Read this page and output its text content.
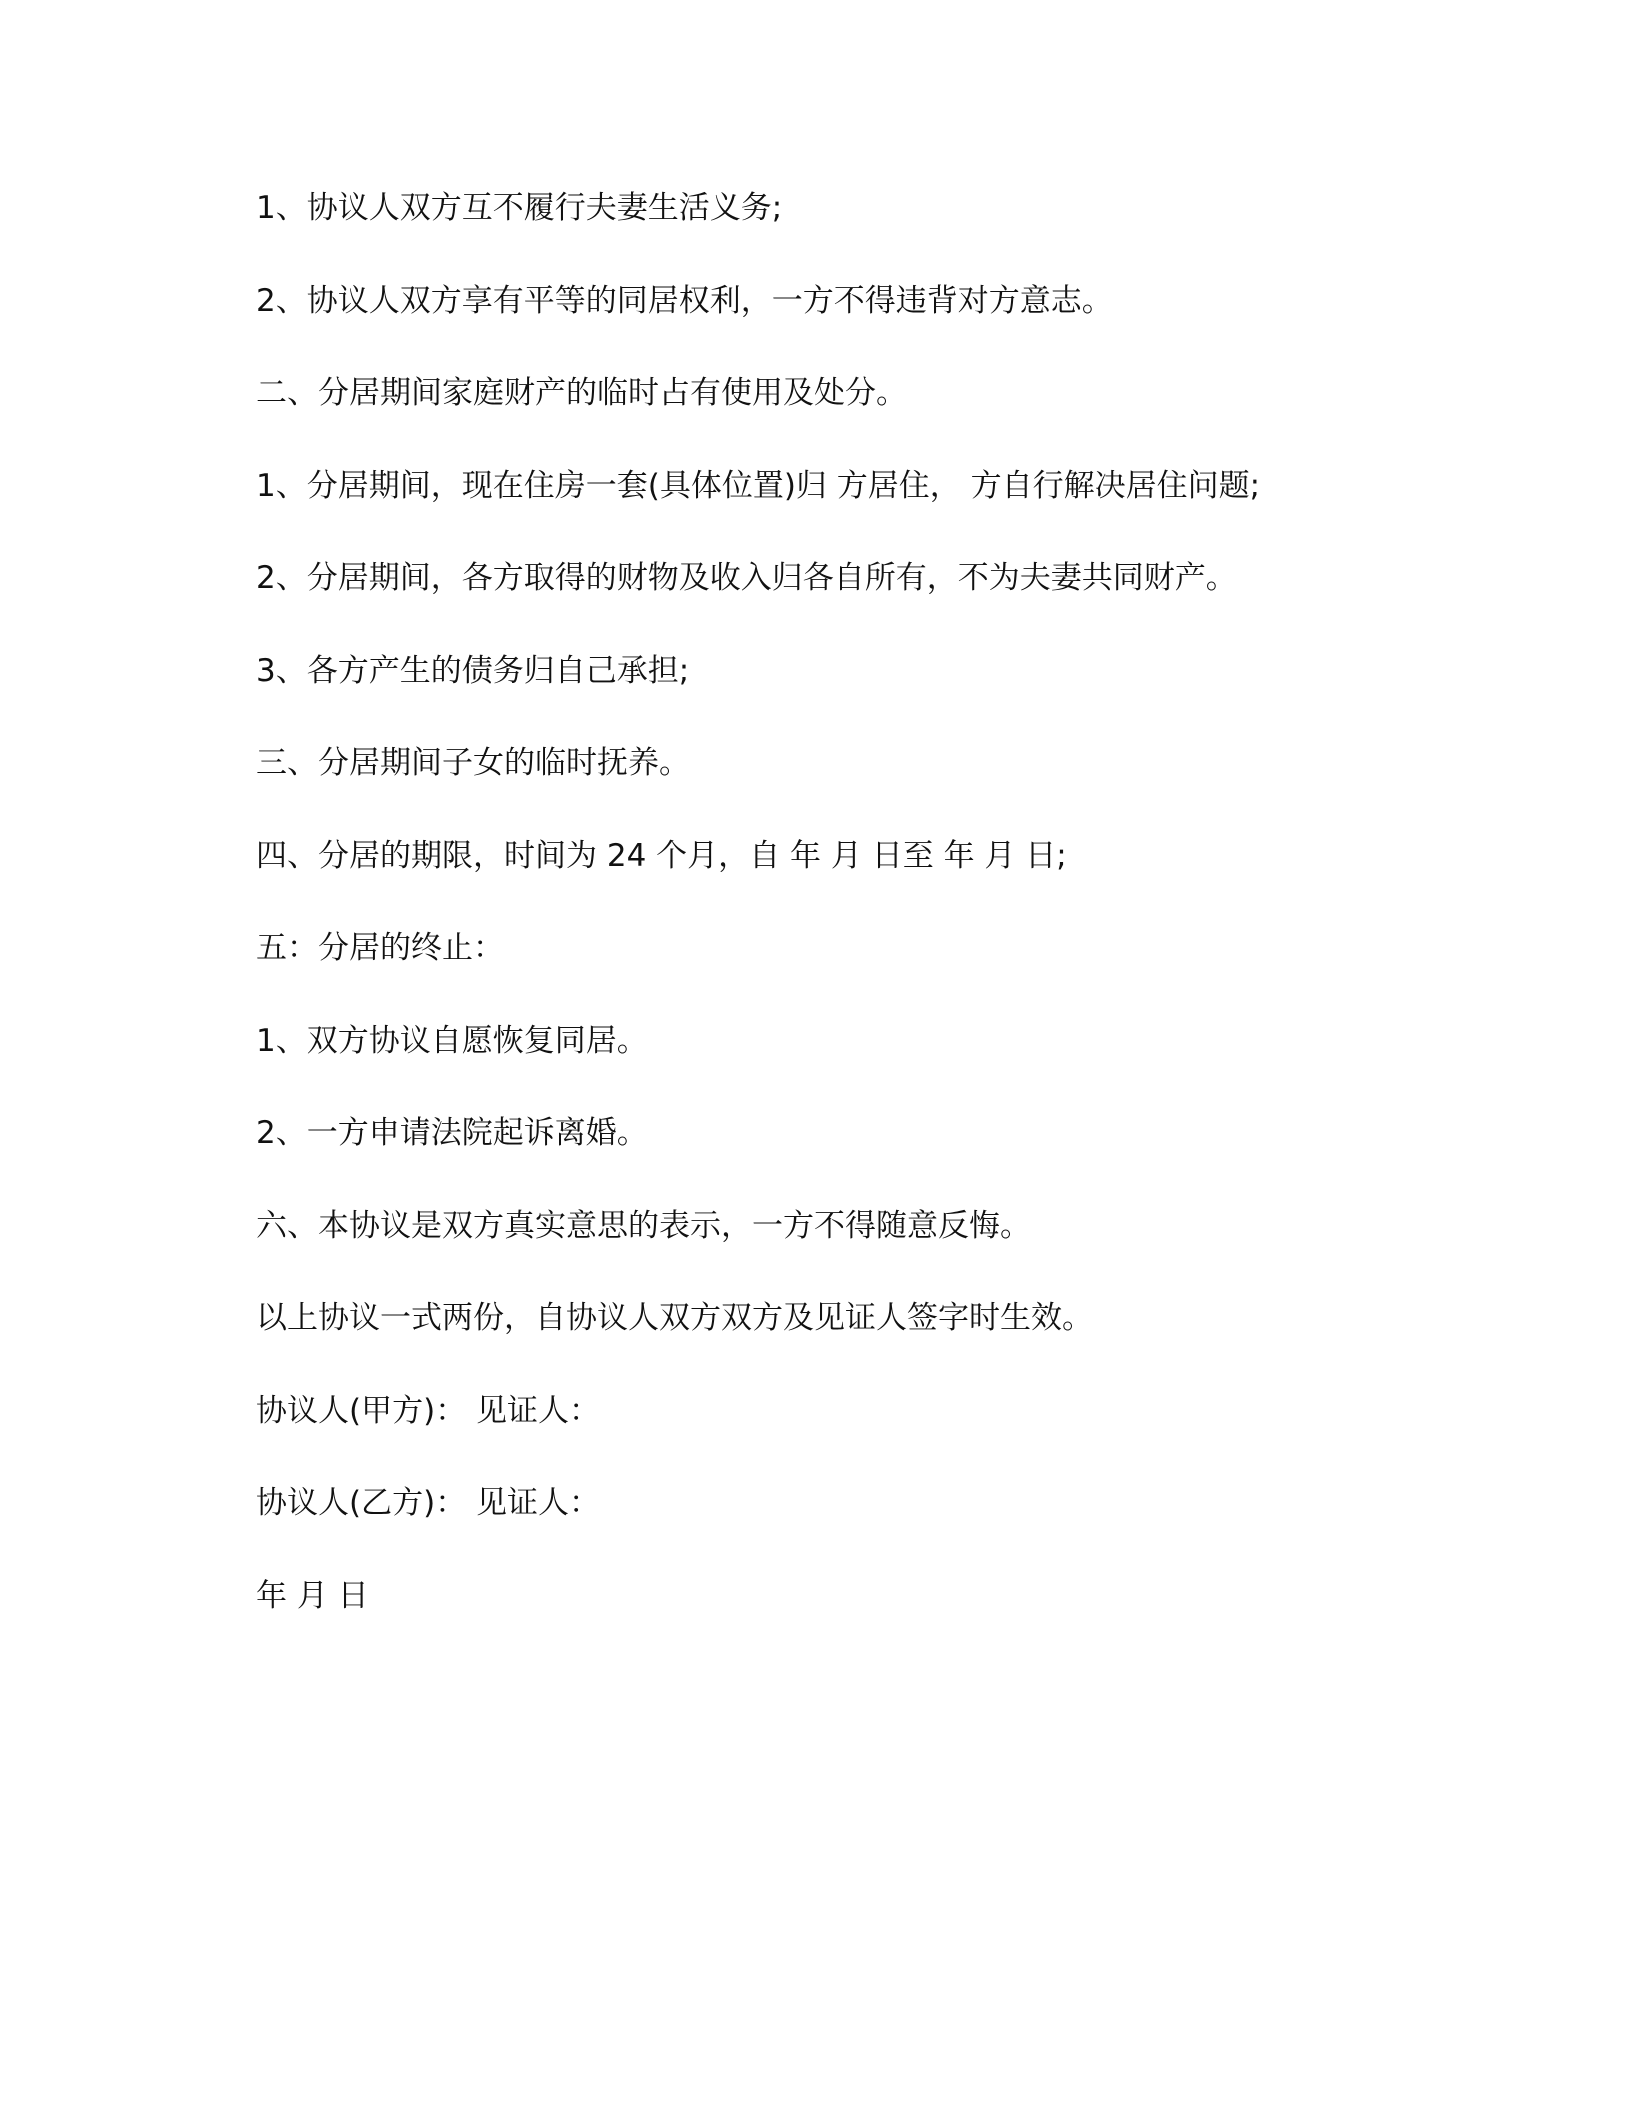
1、协议人双方互不履行夫妻生活义务;

2、协议人双方享有平等的同居权利，一方不得违背对方意志。

二、分居期间家庭财产的临时占有使用及处分。

1、分居期间，现在住房一套(具体位置)归 方居住， 方自行解决居住问题;

2、分居期间，各方取得的财物及收入归各自所有，不为夫妻共同财产。

3、各方产生的债务归自己承担;

三、分居期间子女的临时抚养。

四、分居的期限，时间为 24 个月，自 年 月 日至 年 月 日;

五：分居的终止：

1、双方协议自愿恢复同居。

2、一方申请法院起诉离婚。

六、本协议是双方真实意思的表示，一方不得随意反悔。

以上协议一式两份，自协议人双方双方及见证人签字时生效。

协议人(甲方)： 见证人：

协议人(乙方)： 见证人：

年 月 日
